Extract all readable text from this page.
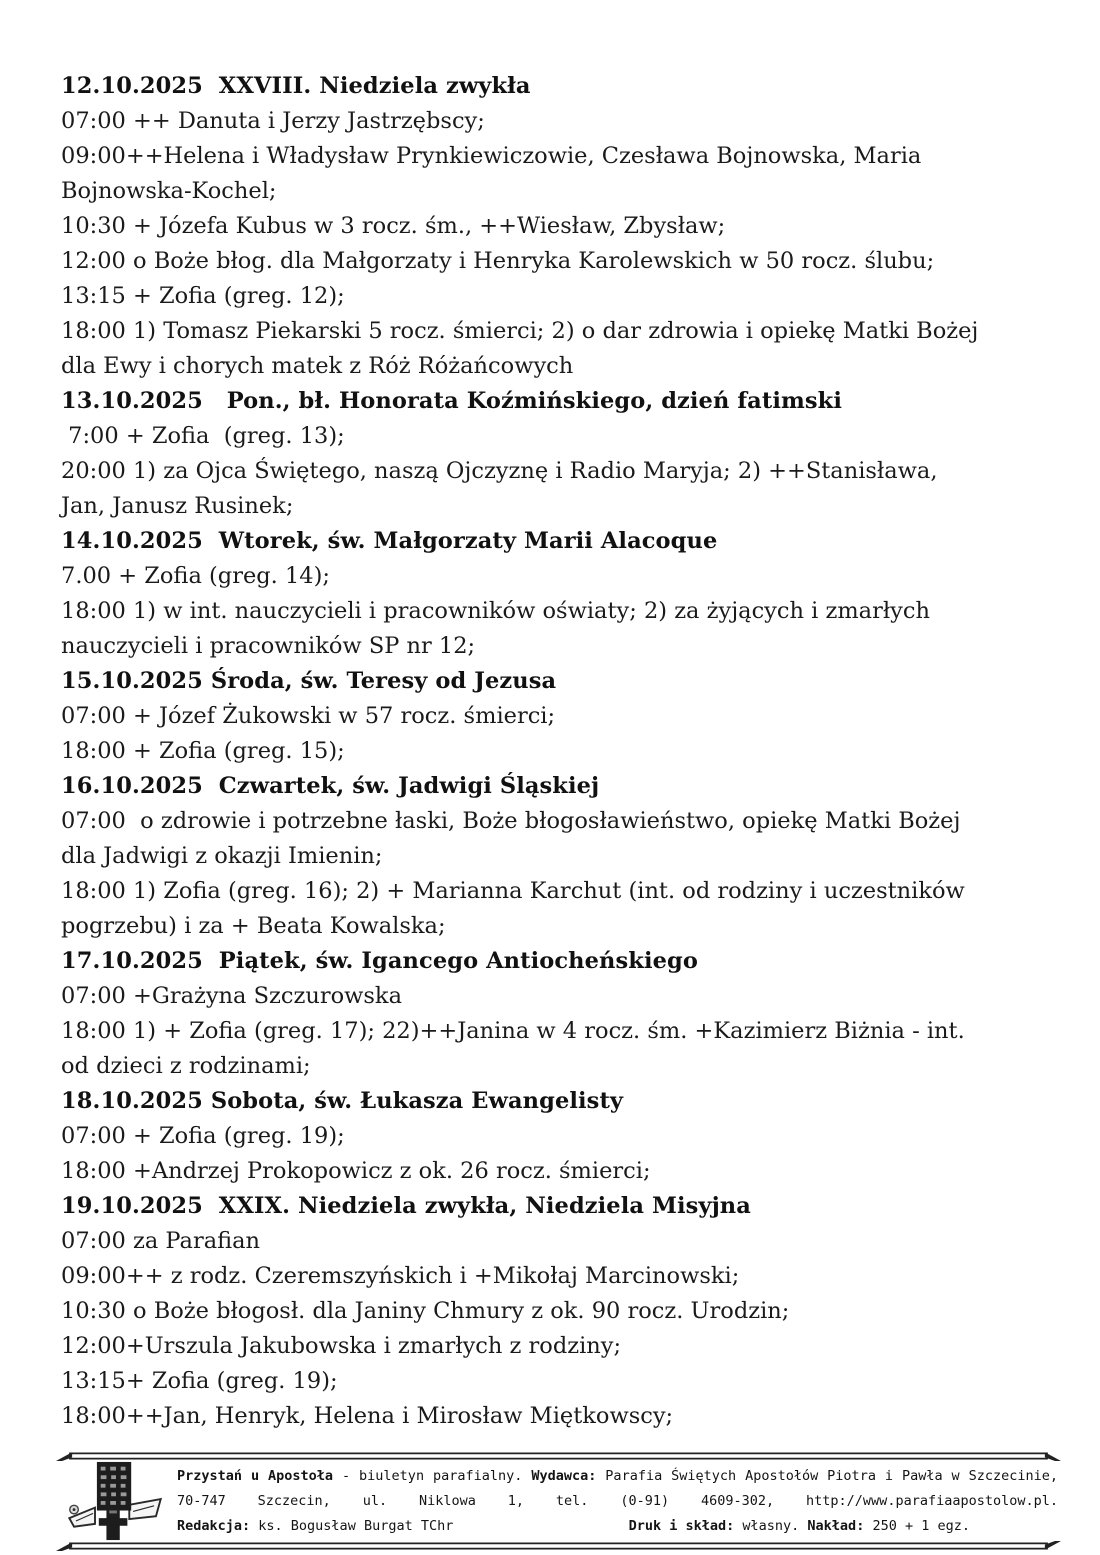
12.10.2025  XXVIII. Niedziela zwykła
07:00 ++ Danuta i Jerzy Jastrzębscy;
09:00++Helena i Władysław Prynkiewiczowie, Czesława Bojnowska, Maria
Bojnowska-Kochel;
10:30 + Józefa Kubus w 3 rocz. śm., ++Wiesław, Zbysław;
12:00 o Boże błog. dla Małgorzaty i Henryka Karolewskich w 50 rocz. ślubu;
13:15 + Zofia (greg. 12);
18:00 1) Tomasz Piekarski 5 rocz. śmierci; 2) o dar zdrowia i opiekę Matki Bożej
dla Ewy i chorych matek z Róż Różańcowych
13.10.2025   Pon., bł. Honorata Koźmińskiego, dzień fatimski
7:00 + Zofia  (greg. 13);
20:00 1) za Ojca Świętego, naszą Ojczyznę i Radio Maryja; 2) ++Stanisława,
Jan, Janusz Rusinek;
14.10.2025  Wtorek, św. Małgorzaty Marii Alacoque
7.00 + Zofia (greg. 14);
18:00 1) w int. nauczycieli i pracowników oświaty; 2) za żyjących i zmarłych
nauczycieli i pracowników SP nr 12;
15.10.2025 Środa, św. Teresy od Jezusa
07:00 + Józef Żukowski w 57 rocz. śmierci;
18:00 + Zofia (greg. 15);
16.10.2025  Czwartek, św. Jadwigi Śląskiej
07:00  o zdrowie i potrzebne łaski, Boże błogosławieństwo, opiekę Matki Bożej
dla Jadwigi z okazji Imienin;
18:00 1) Zofia (greg. 16); 2) + Marianna Karchut (int. od rodziny i uczestników
pogrzebu) i za + Beata Kowalska;
17.10.2025  Piątek, św. Igancego Antiocheńskiego
07:00 +Grażyna Szczurowska
18:00 1) + Zofia (greg. 17); 22)++Janina w 4 rocz. śm. +Kazimierz Biżnia - int.
od dzieci z rodzinami;
18.10.2025 Sobota, św. Łukasza Ewangelisty
07:00 + Zofia (greg. 19);
18:00 +Andrzej Prokopowicz z ok. 26 rocz. śmierci;
19.10.2025  XXIX. Niedziela zwykła, Niedziela Misyjna
07:00 za Parafian
09:00++ z rodz. Czeremszyńskich i +Mikołaj Marcinowski;
10:30 o Boże błogosł. dla Janiny Chmury z ok. 90 rocz. Urodzin;
12:00+Urszula Jakubowska i zmarłych z rodziny;
13:15+ Zofia (greg. 19);
18:00++Jan, Henryk, Helena i Mirosław Miętkowscy;
Przystań u Apostoła - biuletyn parafialny. Wydawca: Parafia Świętych Apostołów Piotra i Pawła w Szczecinie,
70-747 Szczecin, ul. Niklowa 1, tel. (0-91) 4609-302, http://www.parafiaapostolow.pl.
Redakcja: ks. Bogusław Burgat TChr	Druk i skład: własny. Nakład: 250 + 1 egz.
